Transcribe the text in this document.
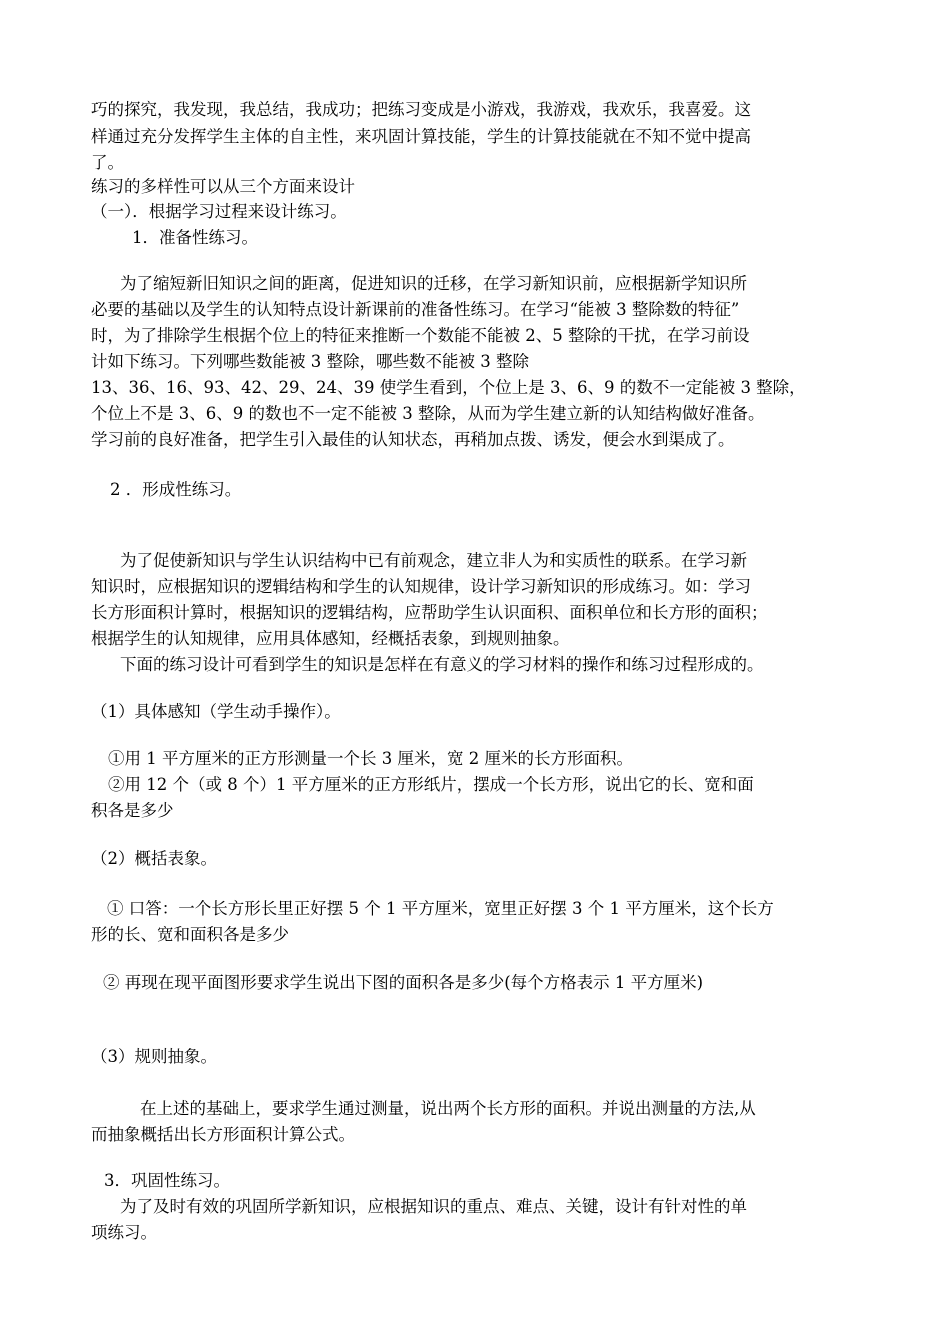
巧的探究，我发现，我总结，我成功；把练习变成是小游戏，我游戏，我欢乐，我喜爱。这

样通过充分发挥学生主体的自主性，来巩固计算技能，学生的计算技能就在不知不觉中提高

了。

练习的多样性可以从三个方面来设计

（一）．根据学习过程来设计练习。

1．准备性练习。

为了缩短新旧知识之间的距离，促进知识的迁移，在学习新知识前，应根据新学知识所

必要的基础以及学生的认知特点设计新课前的准备性练习。在学习“能被 3 整除数的特征”

时，为了排除学生根据个位上的特征来推断一个数能不能被 2、5 整除的干扰，在学习前设

计如下练习。下列哪些数能被 3 整除，哪些数不能被 3 整除

13、36、16、93、42、29、24、39 使学生看到，个位上是 3、6、9 的数不一定能被 3 整除，

个位上不是 3、6、9 的数也不一定不能被 3 整除，从而为学生建立新的认知结构做好准备。

学习前的良好准备，把学生引入最佳的认知状态，再稍加点拨、诱发，便会水到渠成了。

2 ．形成性练习。

为了促使新知识与学生认识结构中已有前观念，建立非人为和实质性的联系。在学习新

知识时，应根据知识的逻辑结构和学生的认知规律，设计学习新知识的形成练习。如：学习

长方形面积计算时，根据知识的逻辑结构，应帮助学生认识面积、面积单位和长方形的面积；

根据学生的认知规律，应用具体感知，经概括表象，到规则抽象。

下面的练习设计可看到学生的知识是怎样在有意义的学习材料的操作和练习过程形成的。

（1）具体感知（学生动手操作）。

①用 1 平方厘米的正方形测量一个长 3 厘米，宽 2 厘米的长方形面积。

②用 12 个（或 8 个）1 平方厘米的正方形纸片，摆成一个长方形，说出它的长、宽和面

积各是多少

（2）概括表象。

① 口答：一个长方形长里正好摆 5 个 1 平方厘米，宽里正好摆 3 个 1 平方厘米，这个长方

形的长、宽和面积各是多少

② 再现在现平面图形要求学生说出下图的面积各是多少(每个方格表示 1 平方厘米)

（3）规则抽象。

在上述的基础上，要求学生通过测量，说出两个长方形的面积。并说出测量的方法,从

而抽象概括出长方形面积计算公式。

3．巩固性练习。

为了及时有效的巩固所学新知识，应根据知识的重点、难点、关键，设计有针对性的单

项练习。
